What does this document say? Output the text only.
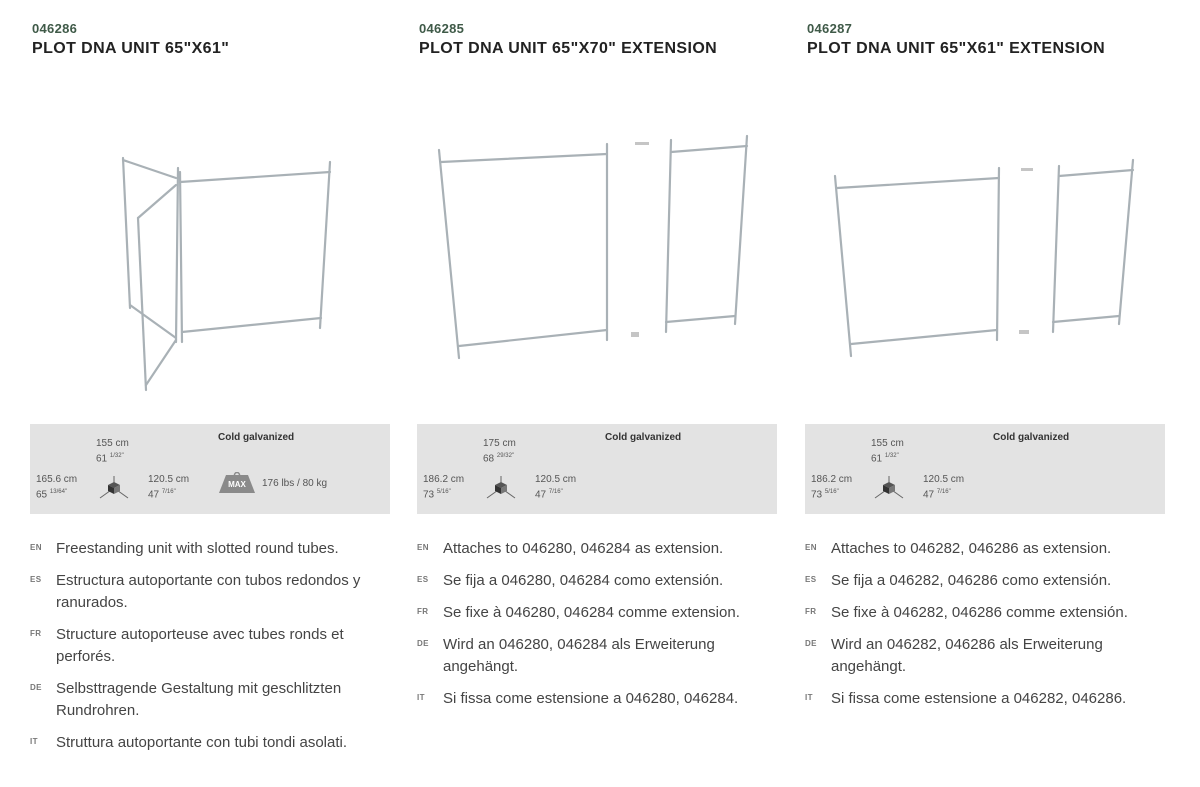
046286
PLOT DNA UNIT 65"X61"
Cold galvanized
155 cm
61 $^{1/32"}$
165.6 cm
65 $^{13/64"}$
120.5 cm
47 $^{7/16"}$
MAX	176 lbs / 80 kg
EN Freestanding unit with slotted round tubes.
ES Estructura autoportante con tubos redondos y ranurados.
FR Structure autoporteuse avec tubes ronds et perforés.
DE Selbsttragende Gestaltung mit geschlitzten Rundrohren.
IT	Struttura autoportante con tubi tondi asolati.
046285
PLOT DNA UNIT 65"X70" EXTENSION
Cold galvanized
175 cm
68 $^{29/32"}$
186.2 cm
73 $^{5/16"}$
120.5 cm
47 $^{7/16"}$
EN Attaches to 046280, 046284 as extension.
ES Se fija a 046280, 046284 como extensión.
FR Se fixe à 046280, 046284 comme extension.
DE Wird an 046280, 046284 als Erweiterung angehängt.
IT	Si fissa come estensione a 046280, 046284.
046287
PLOT DNA UNIT 65"X61" EXTENSION
Cold galvanized
155 cm
61 $^{1/32"}$
186.2 cm
73 $^{5/16"}$
120.5 cm
47 $^{7/16"}$
EN Attaches to 046282, 046286 as extension.
ES Se fija a 046282, 046286 como extensión.
FR Se fixe à 046282, 046286 comme extensión.
DE Wird an 046282, 046286 als Erweiterung angehängt.
IT	Si fissa come estensione a 046282, 046286.
